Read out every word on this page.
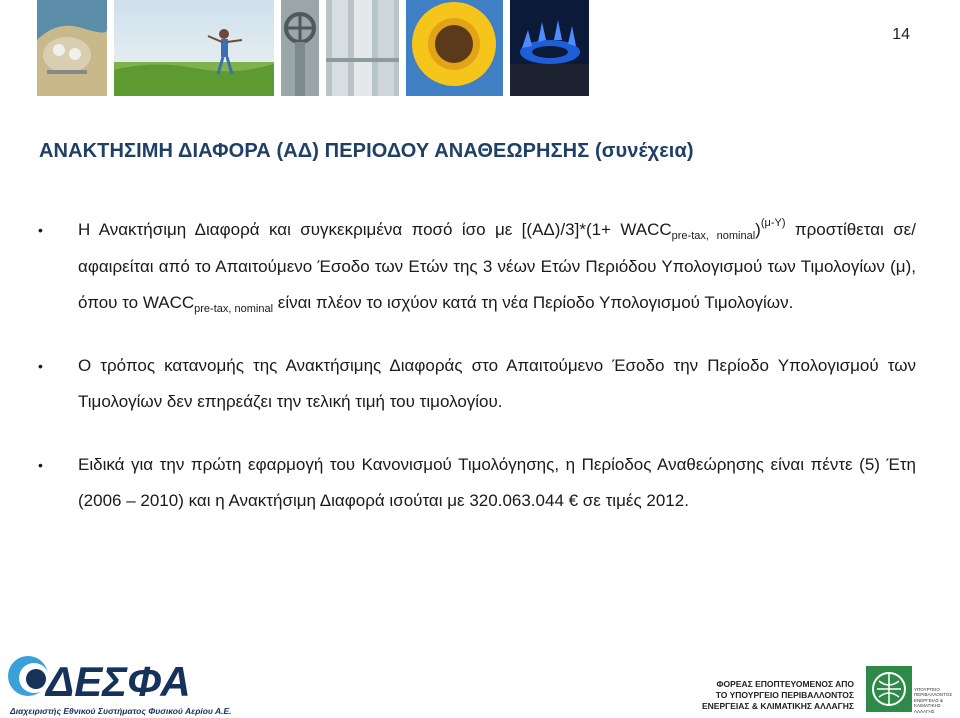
14
ΑΝΑΚΤΗΣΙΜΗ ΔΙΑΦΟΡΑ (ΑΔ) ΠΕΡΙΟΔΟΥ ΑΝΑΘΕΩΡΗΣΗΣ (συνέχεια)
• Η Ανακτήσιμη Διαφορά και συγκεκριμένα ποσό ίσο με $[(A\Delta)/3]*(1+ WACC_{pre-tax, nominal})^{(\mu-\Upsilon)}$ προστίθεται σε/ αφαιρείται από το Απαιτούμενο Έσοδο των Ετών της 3 νέων Ετών Περιόδου Υπολογισμού των Τιμολογίων (μ), όπου το $WACC_{pre-tax, nominal}$ είναι πλέον το ισχύον κατά τη νέα Περίοδο Υπολογισμού Τιμολογίων.
• Ο τρόπος κατανομής της Ανακτήσιμης Διαφοράς στο Απαιτούμενο Έσοδο την Περίοδο Υπολογισμού των Τιμολογίων δεν επηρεάζει την τελική τιμή του τιμολογίου.
• Ειδικά για την πρώτη εφαρμογή του Κανονισμού Τιμολόγησης, η Περίοδος Αναθεώρησης είναι πέντε (5) Έτη (2006 – 2010) και η Ανακτήσιμη Διαφορά ισούται με 320.063.044 € σε τιμές 2012.
ΔΕΣΦΑ
Διαχειριστής Εθνικού Συστήματος Φυσικού Αερίου Α.Ε.
ΦΟΡΕΑΣ ΕΠΟΠΤΕΥΟΜΕΝΟΣ ΑΠΟ
ΤΟ ΥΠΟΥΡΓΕΙΟ ΠΕΡΙΒΑΛΛΟΝΤΟΣ
ΕΝΕΡΓΕΙΑΣ & ΚΛΙΜΑΤΙΚΗΣ ΑΛΛΑΓΗΣ
ΥΠΟΥΡΓΕΙΟ ΠΕΡΙΒΑΛΛΟΝΤΟΣ ΕΝΕΡΓΕΙΑΣ & ΚΛΙΜΑΤΙΚΗΣ ΑΛΛΑΓΗΣ
